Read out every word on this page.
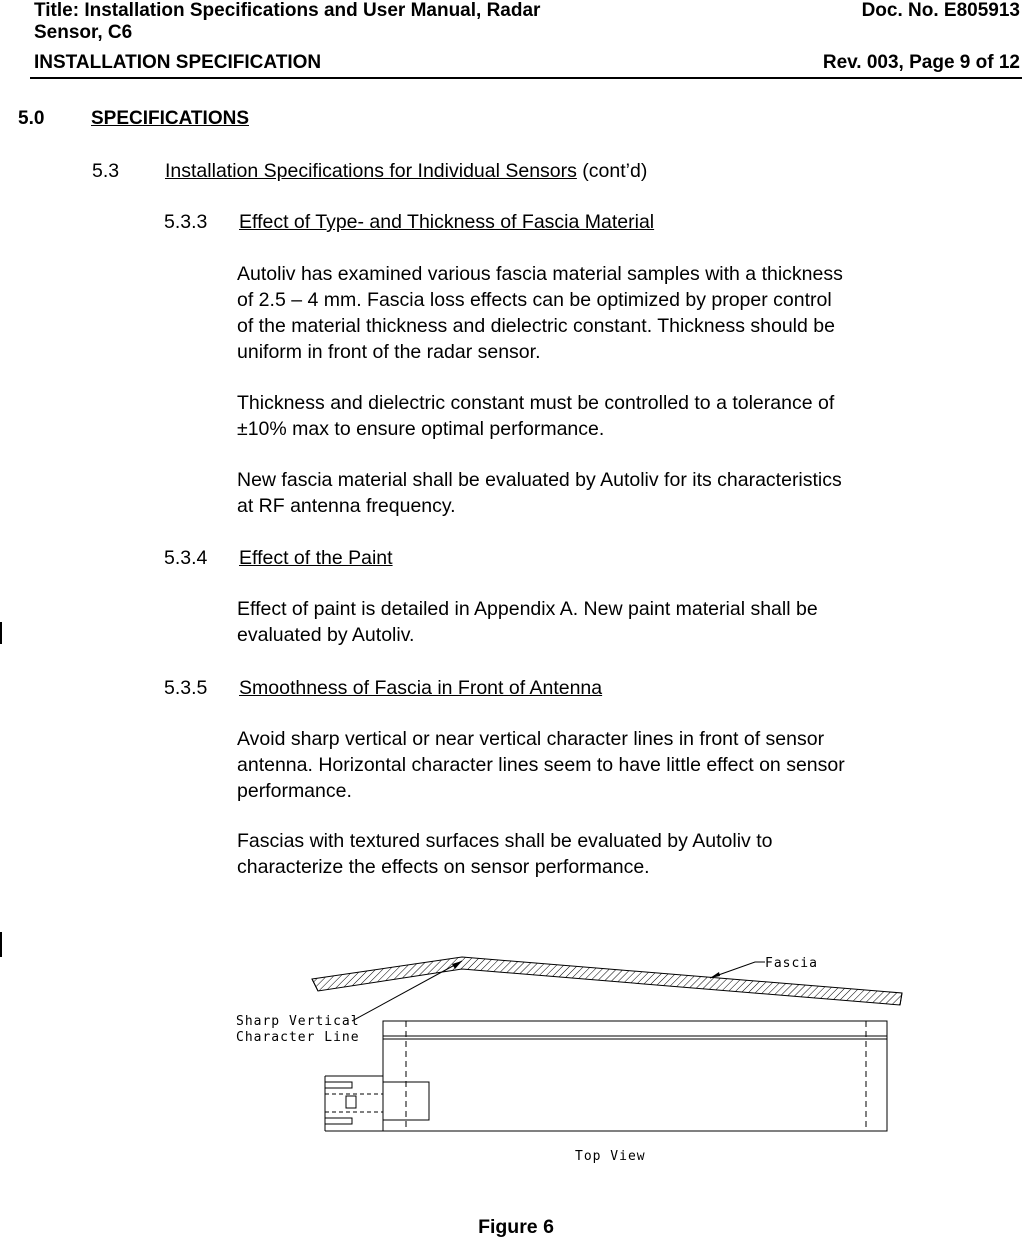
Title: Installation Specifications and User Manual, Radar
Sensor, C6
INSTALLATION SPECIFICATION
Doc. No. E805913
Rev. 003, Page 9 of 12
5.0 SPECIFICATIONS
5.3 Installation Specifications for Individual Sensors (cont’d)
5.3.3 Effect of Type- and Thickness of Fascia Material
Autoliv has examined various fascia material samples with a thickness
of 2.5 – 4 mm. Fascia loss effects can be optimized by proper control
of the material thickness and dielectric constant. Thickness should be
uniform in front of the radar sensor.
Thickness and dielectric constant must be controlled to a tolerance of
±10% max to ensure optimal performance.
New fascia material shall be evaluated by Autoliv for its characteristics
at RF antenna frequency.
5.3.4 Effect of the Paint
Effect of paint is detailed in Appendix A. New paint material shall be
evaluated by Autoliv.
5.3.5 Smoothness of Fascia in Front of Antenna
Avoid sharp vertical or near vertical character lines in front of sensor
antenna. Horizontal character lines seem to have little effect on sensor
performance.
Fascias with textured surfaces shall be evaluated by Autoliv to
characterize the effects on sensor performance.
Fascia
Sharp Vertical
Character Line
Top View
Figure 6
